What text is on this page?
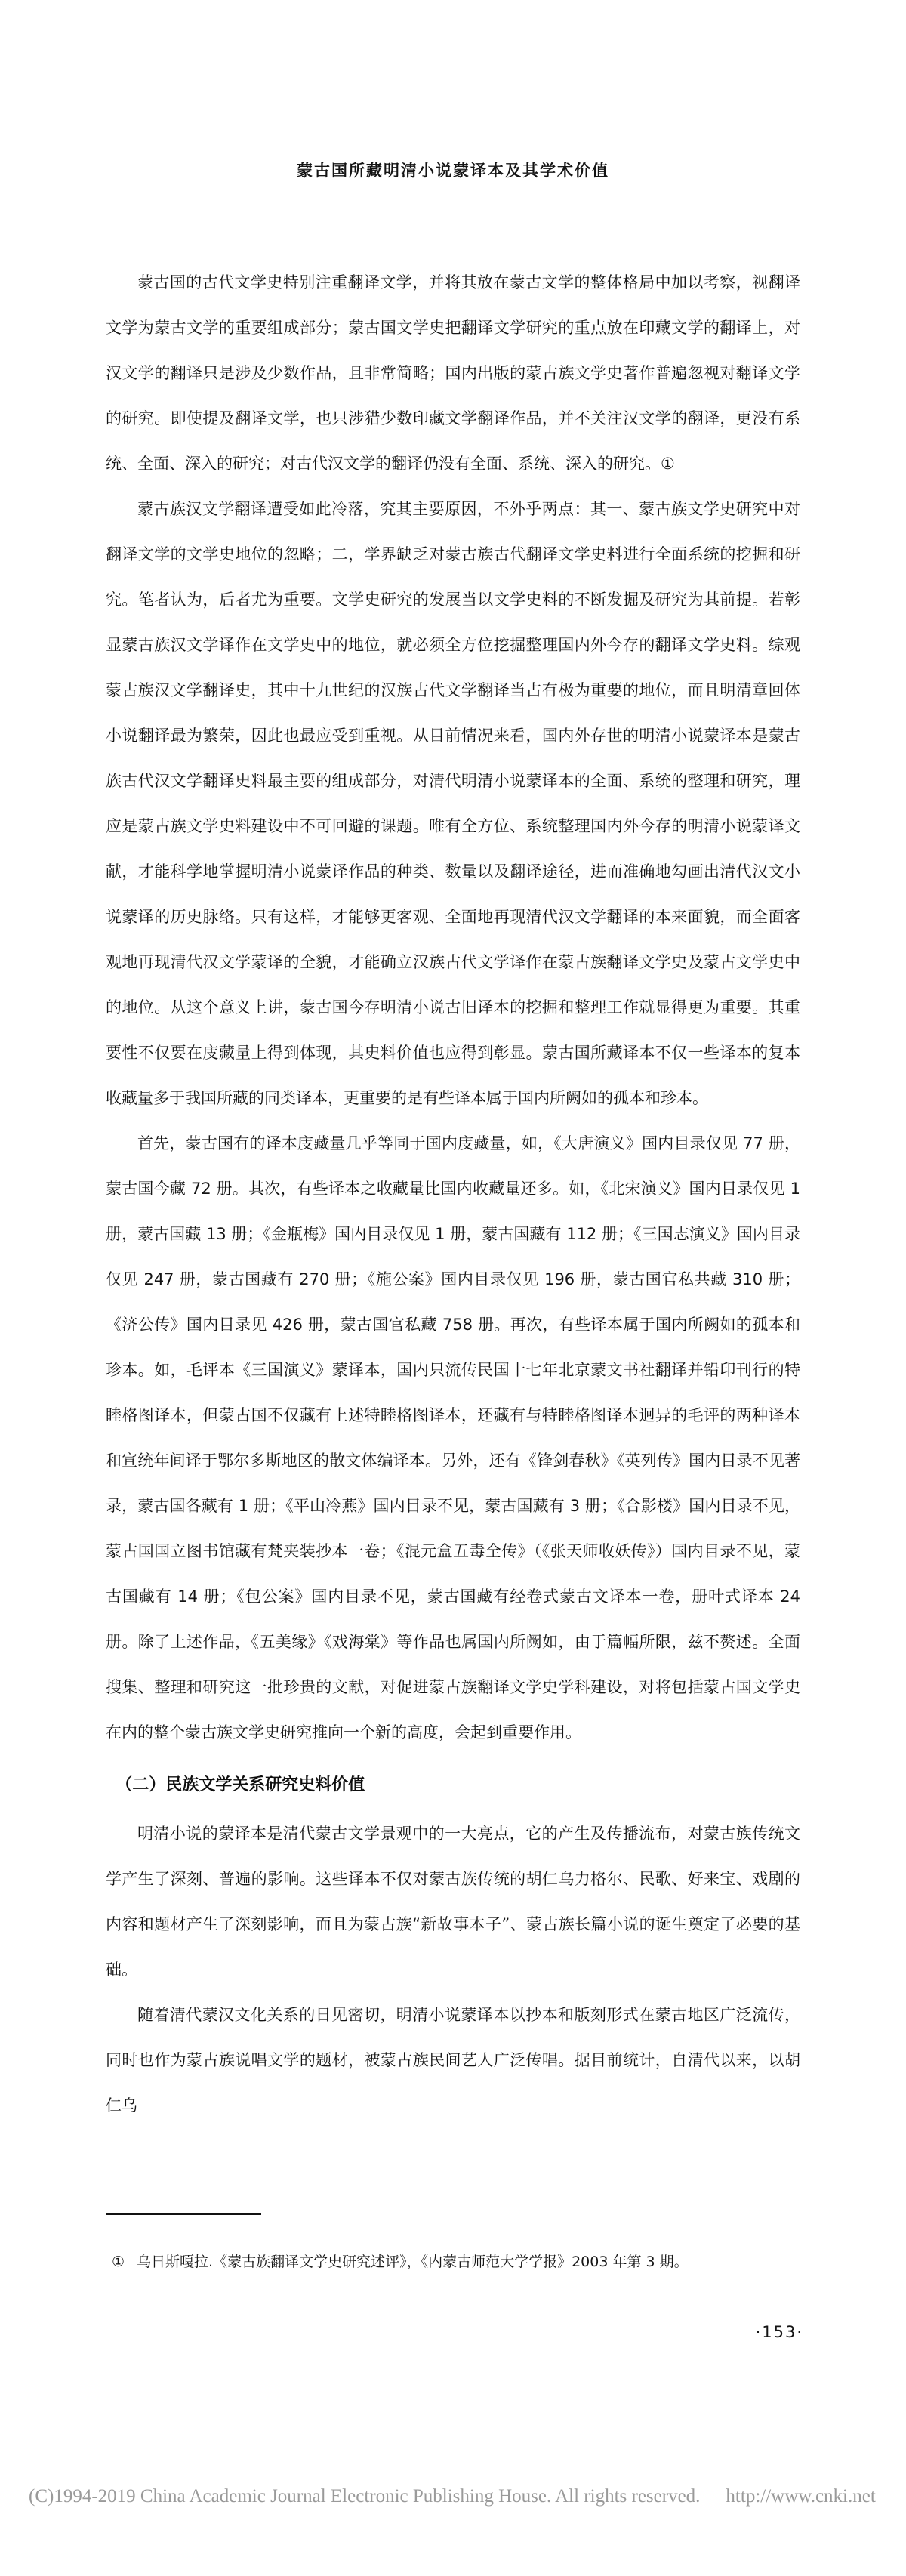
蒙古国所藏明清小说蒙译本及其学术价值

蒙古国的古代文学史特别注重翻译文学，并将其放在蒙古文学的整体格局中加以考察，视翻译文学为蒙古文学的重要组成部分；蒙古国文学史把翻译文学研究的重点放在印藏文学的翻译上，对汉文学的翻译只是涉及少数作品，且非常简略；国内出版的蒙古族文学史著作普遍忽视对翻译文学的研究。即使提及翻译文学，也只涉猎少数印藏文学翻译作品，并不关注汉文学的翻译，更没有系统、全面、深入的研究；对古代汉文学的翻译仍没有全面、系统、深入的研究。①

蒙古族汉文学翻译遭受如此冷落，究其主要原因，不外乎两点：其一、蒙古族文学史研究中对翻译文学的文学史地位的忽略；二，学界缺乏对蒙古族古代翻译文学史料进行全面系统的挖掘和研究。笔者认为，后者尤为重要。文学史研究的发展当以文学史料的不断发掘及研究为其前提。若彰显蒙古族汉文学译作在文学史中的地位，就必须全方位挖掘整理国内外今存的翻译文学史料。综观蒙古族汉文学翻译史，其中十九世纪的汉族古代文学翻译当占有极为重要的地位，而且明清章回体小说翻译最为繁荣，因此也最应受到重视。从目前情况来看，国内外存世的明清小说蒙译本是蒙古族古代汉文学翻译史料最主要的组成部分，对清代明清小说蒙译本的全面、系统的整理和研究，理应是蒙古族文学史料建设中不可回避的课题。唯有全方位、系统整理国内外今存的明清小说蒙译文献，才能科学地掌握明清小说蒙译作品的种类、数量以及翻译途径，进而准确地勾画出清代汉文小说蒙译的历史脉络。只有这样，才能够更客观、全面地再现清代汉文学翻译的本来面貌，而全面客观地再现清代汉文学蒙译的全貌，才能确立汉族古代文学译作在蒙古族翻译文学史及蒙古文学史中的地位。从这个意义上讲，蒙古国今存明清小说古旧译本的挖掘和整理工作就显得更为重要。其重要性不仅要在庋藏量上得到体现，其史料价值也应得到彰显。蒙古国所藏译本不仅一些译本的复本收藏量多于我国所藏的同类译本，更重要的是有些译本属于国内所阙如的孤本和珍本。

首先，蒙古国有的译本庋藏量几乎等同于国内庋藏量，如，《大唐演义》国内目录仅见 77 册，蒙古国今藏 72 册。其次，有些译本之收藏量比国内收藏量还多。如，《北宋演义》国内目录仅见 1 册，蒙古国藏 13 册；《金瓶梅》国内目录仅见 1 册，蒙古国藏有 112 册；《三国志演义》国内目录仅见 247 册，蒙古国藏有 270 册；《施公案》国内目录仅见 196 册，蒙古国官私共藏 310 册；《济公传》国内目录见 426 册，蒙古国官私藏 758 册。再次，有些译本属于国内所阙如的孤本和珍本。如，毛评本《三国演义》蒙译本，国内只流传民国十七年北京蒙文书社翻译并铅印刊行的特睦格图译本，但蒙古国不仅藏有上述特睦格图译本，还藏有与特睦格图译本迥异的毛评的两种译本和宣统年间译于鄂尔多斯地区的散文体编译本。另外，还有《锋剑春秋》《英列传》国内目录不见著录，蒙古国各藏有 1 册；《平山冷燕》国内目录不见，蒙古国藏有 3 册；《合影楼》国内目录不见，蒙古国国立图书馆藏有梵夹装抄本一卷；《混元盒五毒全传》（《张天师收妖传》）国内目录不见，蒙古国藏有 14 册；《包公案》国内目录不见，蒙古国藏有经卷式蒙古文译本一卷，册叶式译本 24 册。除了上述作品，《五美缘》《戏海棠》等作品也属国内所阙如，由于篇幅所限，兹不赘述。全面搜集、整理和研究这一批珍贵的文献，对促进蒙古族翻译文学史学科建设，对将包括蒙古国文学史在内的整个蒙古族文学史研究推向一个新的高度，会起到重要作用。

（二）民族文学关系研究史料价值

明清小说的蒙译本是清代蒙古文学景观中的一大亮点，它的产生及传播流布，对蒙古族传统文学产生了深刻、普遍的影响。这些译本不仅对蒙古族传统的胡仁乌力格尔、民歌、好来宝、戏剧的内容和题材产生了深刻影响，而且为蒙古族“新故事本子”、蒙古族长篇小说的诞生奠定了必要的基础。

随着清代蒙汉文化关系的日见密切，明清小说蒙译本以抄本和版刻形式在蒙古地区广泛流传，同时也作为蒙古族说唱文学的题材，被蒙古族民间艺人广泛传唱。据目前统计，自清代以来，以胡仁乌

① 乌日斯嘎拉.《蒙古族翻译文学史研究述评》，《内蒙古师范大学学报》2003 年第 3 期。
·153·
(C)1994-2019 China Academic Journal Electronic Publishing House. All rights reserved. http://www.cnki.net
